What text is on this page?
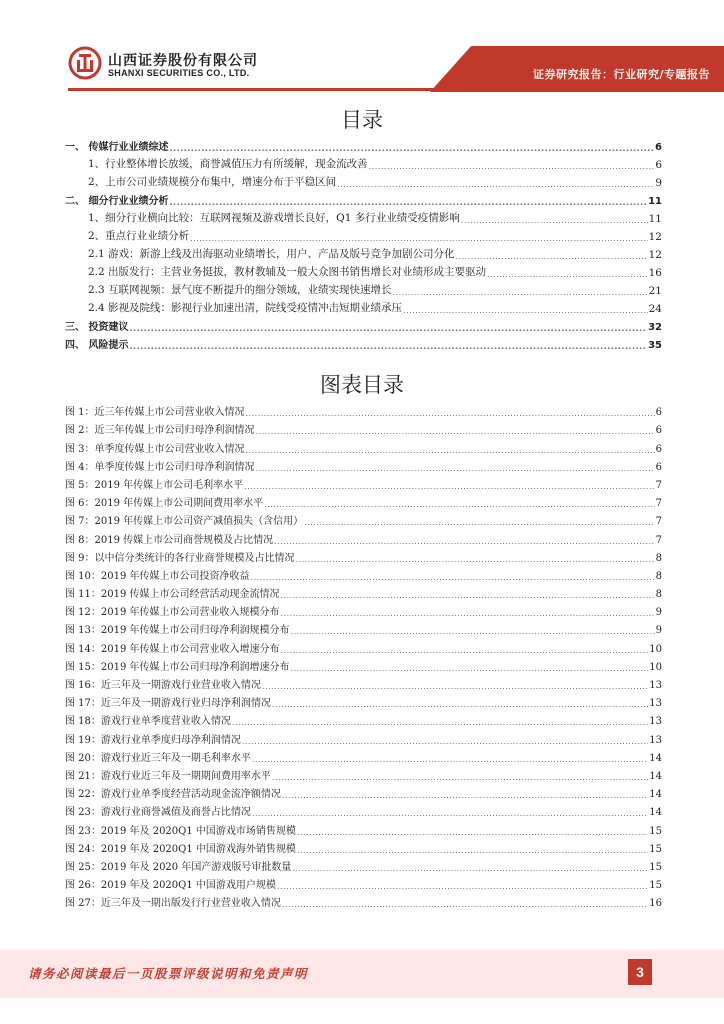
证券研究报告：行业研究/专题报告
山西证券股份有限公司
SHANXI SECURITIES CO., LTD.
目录
一、 传媒行业业绩综述 .....	6
1、行业整体增长放缓，商誉减值压力有所缓解，现金流改善 .....	6
2、上市公司业绩规模分布集中，增速分布于平稳区间 .....	9
二、 细分行业业绩分析 .....	11
1、细分行业横向比较：互联网视频及游戏增长良好，Q1 多行业业绩受疫情影响 .....	11
2、重点行业业绩分析 .....	12
2.1 游戏：新游上线及出海驱动业绩增长，用户、产品及版号竞争加剧公司分化 .....	12
2.2 出版发行：主营业务挺拔，教材教辅及一般大众图书销售增长对业绩形成主要驱动 .....	16
2.3 互联网视频：景气度不断提升的细分领域，业绩实现快速增长 .....	21
2.4 影视及院线：影视行业加速出清，院线受疫情冲击短期业绩承压 .....	24
三、 投资建议 .....	32
四、 风险提示 .....	35
图表目录
图 1：近三年传媒上市公司营业收入情况 .....	6
图 2：近三年传媒上市公司归母净利润情况 .....	6
图 3：单季度传媒上市公司营业收入情况 .....	6
图 4：单季度传媒上市公司归母净利润情况 .....	6
图 5：2019 年传媒上市公司毛利率水平 .....	7
图 6：2019 年传媒上市公司期间费用率水平 .....	7
图 7：2019 年传媒上市公司资产减值损失（含信用） .....	7
图 8：2019 传媒上市公司商誉规模及占比情况 .....	7
图 9：以中信分类统计的各行业商誉规模及占比情况 .....	8
图 10：2019 年传媒上市公司投资净收益 .....	8
图 11：2019 传媒上市公司经营活动现金流情况 .....	8
图 12：2019 年传媒上市公司营业收入规模分布 .....	9
图 13：2019 年传媒上市公司归母净利润规模分布 .....	9
图 14：2019 年传媒上市公司营业收入增速分布 .....	10
图 15：2019 年传媒上市公司归母净利润增速分布 .....	10
图 16：近三年及一期游戏行业营业收入情况 .....	13
图 17：近三年及一期游戏行业归母净利润情况 .....	13
图 18：游戏行业单季度营业收入情况 .....	13
图 19：游戏行业单季度归母净利润情况 .....	13
图 20：游戏行业近三年及一期毛利率水平 .....	14
图 21：游戏行业近三年及一期期间费用率水平 .....	14
图 22：游戏行业单季度经营活动现金流净额情况 .....	14
图 23：游戏行业商誉减值及商誉占比情况 .....	14
图 23：2019 年及 2020Q1 中国游戏市场销售规模 .....	15
图 24：2019 年及 2020Q1 中国游戏海外销售规模 .....	15
图 25：2019 年及 2020 年国产游戏版号审批数量 .....	15
图 26：2019 年及 2020Q1 中国游戏用户规模 .....	15
图 27：近三年及一期出版发行行业营业收入情况 .....	16
请务必阅读最后一页股票评级说明和免责声明	3
